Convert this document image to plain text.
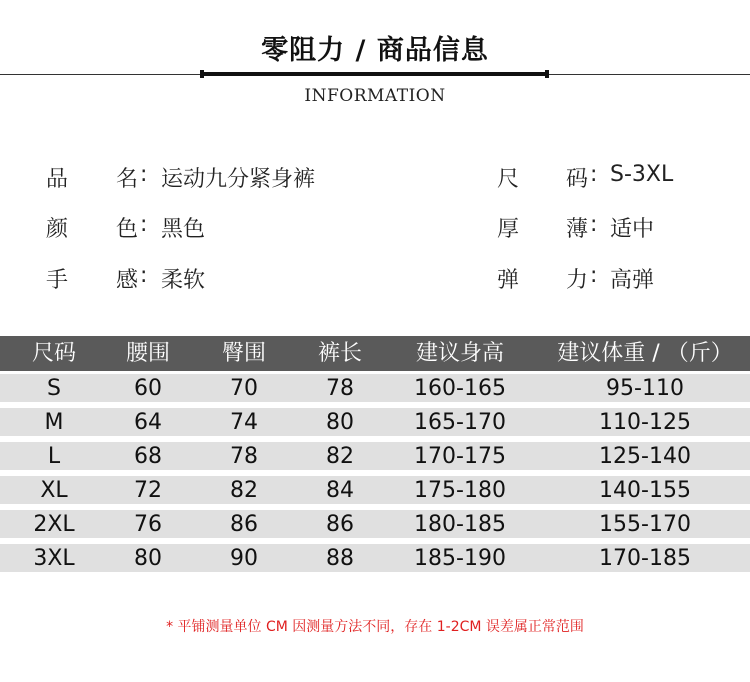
零阻力 / 商品信息
INFORMATION
品 名 : 运动九分紧身裤
颜 色 : 黑色
手 感 : 柔软
尺 码 : S-3XL
厚 薄 : 适中
弹 力 : 高弹
尺码	腰围	臀围	裤长	建议身高	建议体重 / （斤）
S	60	70	78	160-165	95-110
M	64	74	80	165-170	110-125
L	68	78	82	170-175	125-140
XL	72	82	84	175-180	140-155
2XL	76	86	86	180-185	155-170
3XL	80	90	88	185-190	170-185
* 平铺测量单位 CM 因测量方法不同，存在 1-2CM 误差属正常范围
